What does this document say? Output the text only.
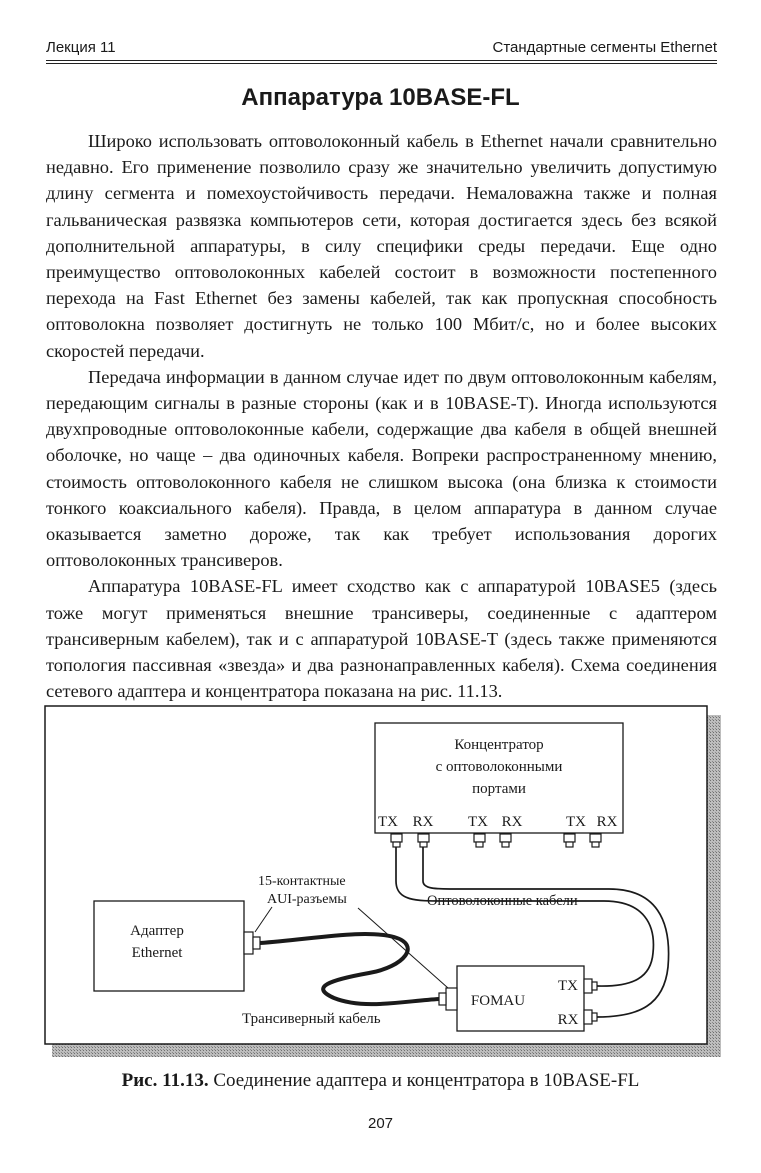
Лекция 11	Стандартные сегменты Ethernet
Аппаратура 10BASE-FL

Широко использовать оптоволоконный кабель в Ethernet начали сравнительно недавно. Его применение позволило сразу же значительно увеличить допустимую длину сегмента и помехоустойчивость передачи. Немаловажна также и полная гальваническая развязка компьютеров сети, которая достигается здесь без всякой дополнительной аппаратуры, в силу специфики среды передачи. Еще одно преимущество оптоволоконных кабелей состоит в возможности постепенного перехода на Fast Ethernet без замены кабелей, так как пропускная способность оптоволокна позволяет достигнуть не только 100 Мбит/с, но и более высоких скоростей передачи.

Передача информации в данном случае идет по двум оптоволоконным кабелям, передающим сигналы в разные стороны (как и в 10BASE-T). Иногда используются двухпроводные оптоволоконные кабели, содержащие два кабеля в общей внешней оболочке, но чаще – два одиночных кабеля. Вопреки распространенному мнению, стоимость оптоволоконного кабеля не слишком высока (она близка к стоимости тонкого коаксиального кабеля). Правда, в целом аппаратура в данном случае оказывается заметно дороже, так как требует использования дорогих оптоволоконных трансиверов.

Аппаратура 10BASE-FL имеет сходство как с аппаратурой 10BASE5 (здесь тоже могут применяться внешние трансиверы, соединенные с адаптером трансиверным кабелем), так и с аппаратурой 10BASE-T (здесь также применяются топология пассивная «звезда» и два разнонаправленных кабеля). Схема соединения сетевого адаптера и концентратора показана на рис. 11.13.

Концентратор
с оптоволоконными
портами
TX RX TX RX	TX RX
Адаптер
Ethernet
FOMAU
TX
RX
15-контактные
AUI-разъемы	Оптоволоконные кабели
Трансиверный кабель
Рис. 11.13. Соединение адаптера и концентратора в 10BASE-FL
207
